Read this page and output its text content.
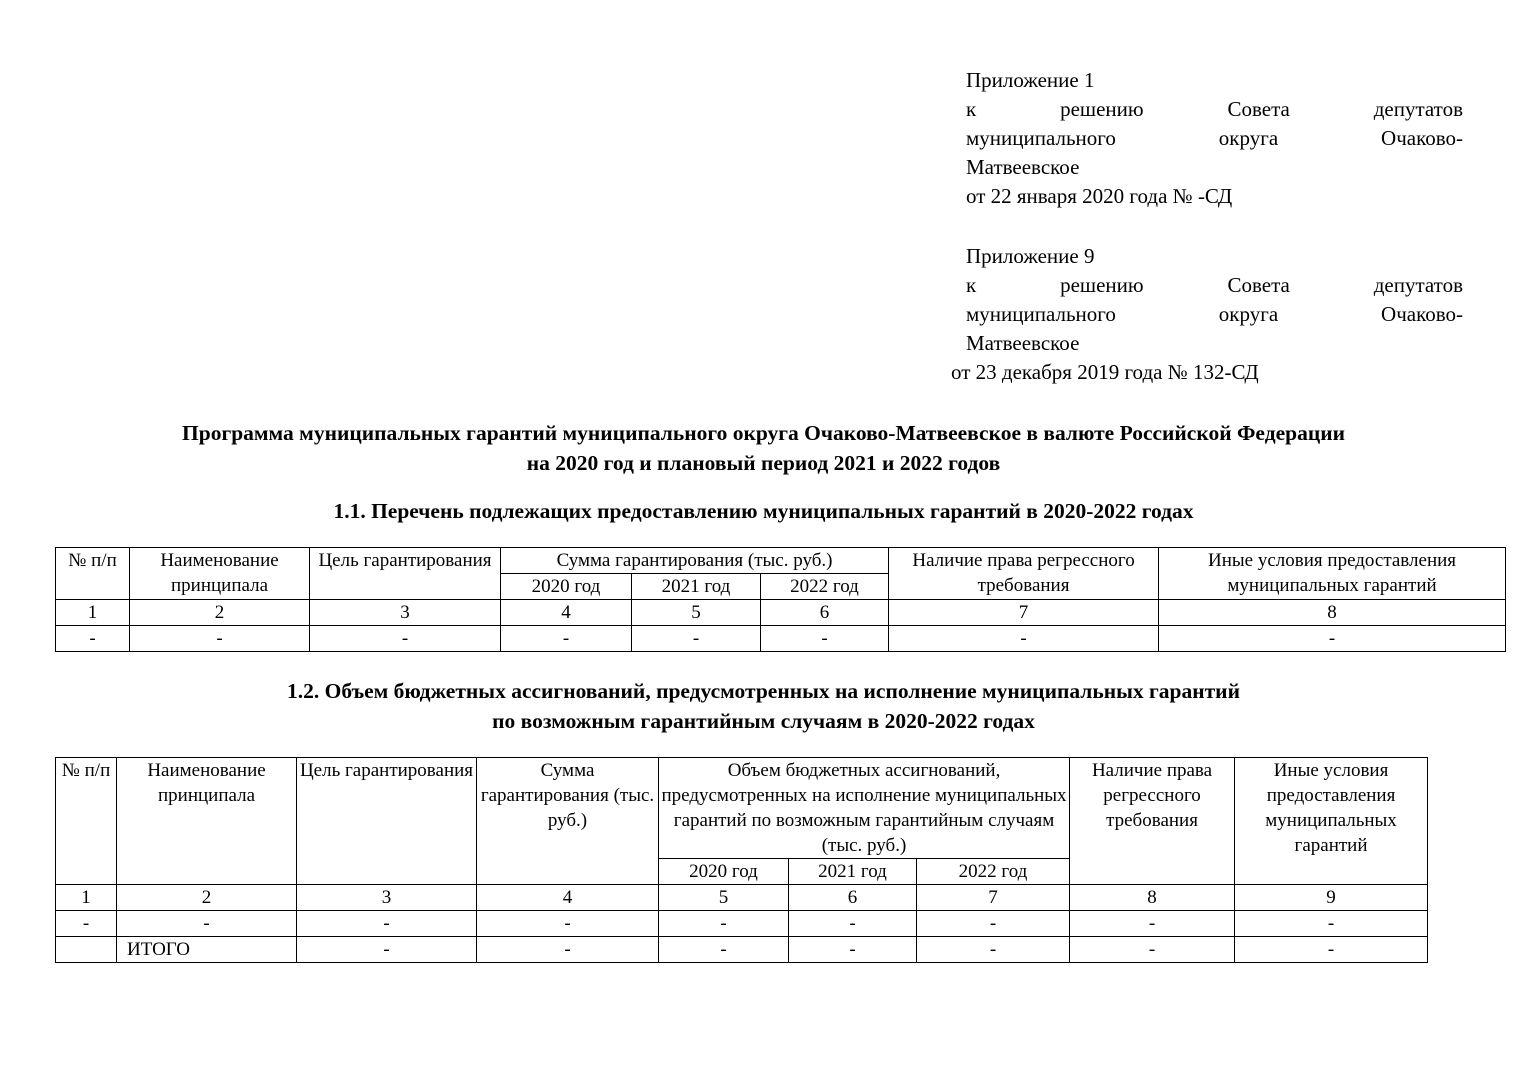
Приложение 1

к решению Совета депутатов

муниципального округа Очаково-

Матвеевское

от 22 января 2020 года № -СД

Приложение 9

к решению Совета депутатов

муниципального округа Очаково-

Матвеевское

от 23 декабря 2019 года № 132-СД

Программа муниципальных гарантий муниципального округа Очаково-Матвеевское в валюте Российской Федерации

на 2020 год и плановый период 2021 и 2022 годов

1.1. Перечень подлежащих предоставлению муниципальных гарантий в 2020-2022 годах

№ п/п	Наименование принципала	Цель гарантирования	Сумма гарантирования (тыс. руб.)			Наличие права регрессного требования	Иные условия предоставления муниципальных гарантий
			2020 год	2021 год	2022 год		
1	2	3	4	5	6	7	8
-	-	-	-	-	-	-	-

1.2. Объем бюджетных ассигнований, предусмотренных на исполнение муниципальных гарантий

по возможным гарантийным случаям в 2020-2022 годах

№ п/п	Наименование принципала	Цель гарантирования	Сумма гарантирования (тыс. руб.)	Объем бюджетных ассигнований, предусмотренных на исполнение муниципальных гарантий по возможным гарантийным случаям (тыс. руб.)			Наличие права регрессного требования	Иные условия предоставления муниципальных гарантий
				2020 год	2021 год	2022 год		
1	2	3	4	5	6	7	8	9
-	-	-	-	-	-	-	-	-
	ИТОГО	-	-	-	-	-	-	-
